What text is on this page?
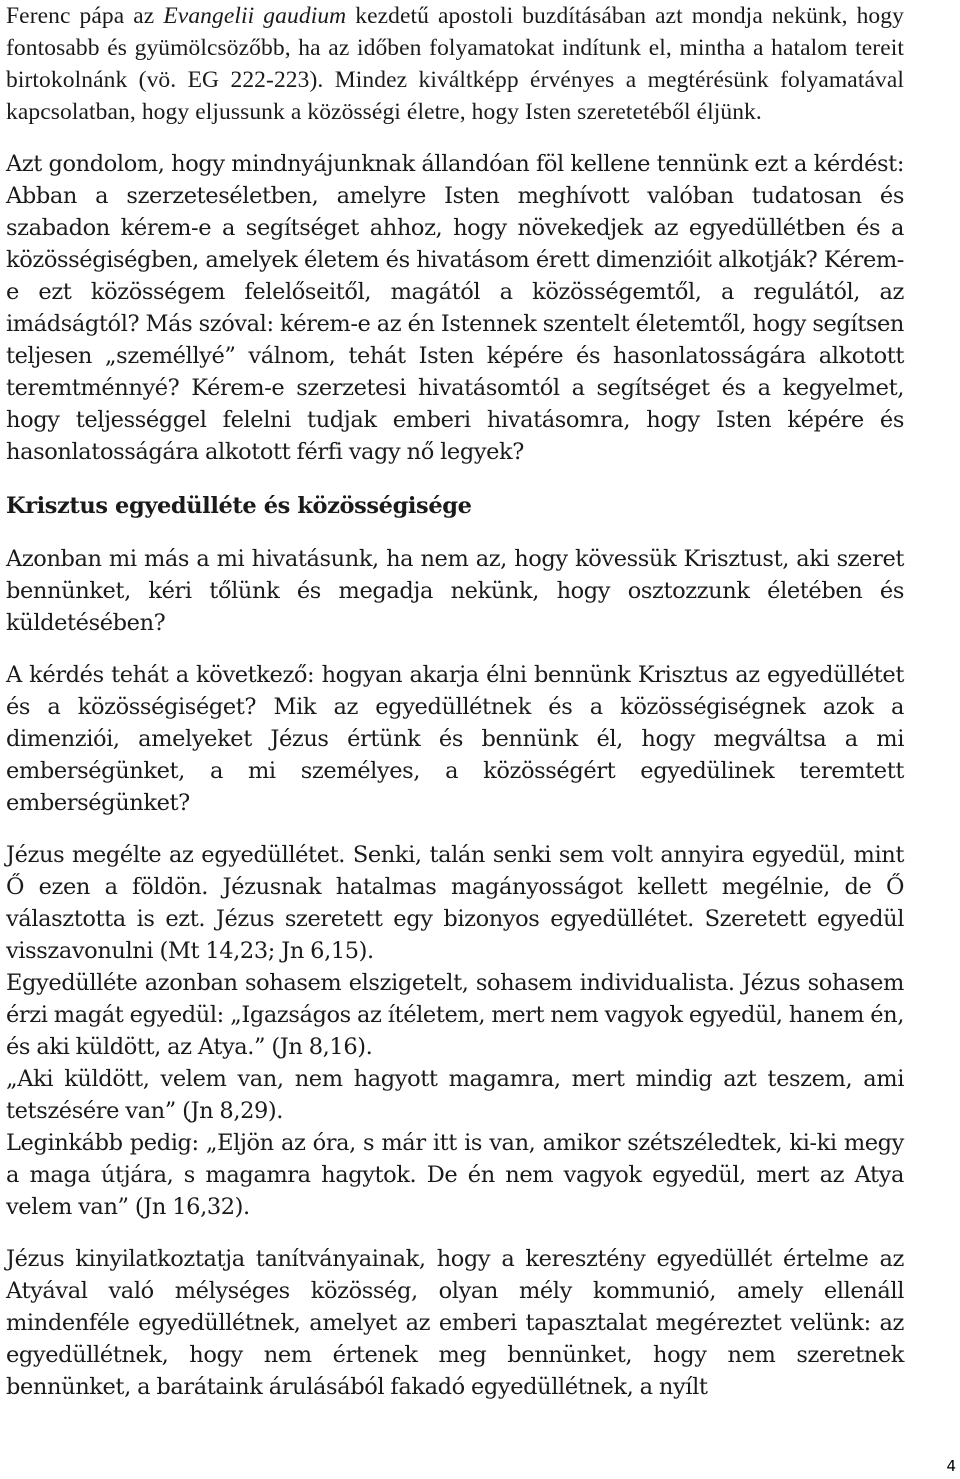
Ferenc pápa az Evangelii gaudium kezdetű apostoli buzdításában azt mondja nekünk, hogy fontosabb és gyümölcsözőbb, ha az időben folyamatokat indítunk el, mintha a hatalom tereit birtokolnánk (vö. EG 222-223). Mindez kiváltképp érvényes a megtérésünk folyamatával kapcsolatban, hogy eljussunk a közösségi életre, hogy Isten szeretetéből éljünk.

Azt gondolom, hogy mindnyájunknak állandóan föl kellene tennünk ezt a kérdést: Abban a szerzeteséletben, amelyre Isten meghívott valóban tudatosan és szabadon kérem-e a segítséget ahhoz, hogy növekedjek az egyedüllétben és a közösségiségben, amelyek életem és hivatásom érett dimenzióit alkotják? Kérem-e ezt közösségem felelőseitől, magától a közösségemtől, a regulától, az imádságtól? Más szóval: kérem-e az én Istennek szentelt életemtől, hogy segítsen teljesen „személlyé” válnom, tehát Isten képére és hasonlatosságára alkotott teremtménnyé? Kérem-e szerzetesi hivatásomtól a segítséget és a kegyelmet, hogy teljességgel felelni tudjak emberi hivatásomra, hogy Isten képére és hasonlatosságára alkotott férfi vagy nő legyek?

Krisztus egyedülléte és közösségisége

Azonban mi más a mi hivatásunk, ha nem az, hogy kövessük Krisztust, aki szeret bennünket, kéri tőlünk és megadja nekünk, hogy osztozzunk életében és küldetésében?

A kérdés tehát a következő: hogyan akarja élni bennünk Krisztus az egyedüllétet és a közösségiséget? Mik az egyedüllétnek és a közösségiségnek azok a dimenziói, amelyeket Jézus értünk és bennünk él, hogy megváltsa a mi emberségünket, a mi személyes, a közösségért egyedülinek teremtett emberségünket?

Jézus megélte az egyedüllétet. Senki, talán senki sem volt annyira egyedül, mint Ő ezen a földön. Jézusnak hatalmas magányosságot kellett megélnie, de Ő választotta is ezt. Jézus szeretett egy bizonyos egyedüllétet. Szeretett egyedül visszavonulni (Mt 14,23; Jn 6,15).

Egyedülléte azonban sohasem elszigetelt, sohasem individualista. Jézus sohasem érzi magát egyedül: „Igazságos az ítéletem, mert nem vagyok egyedül, hanem én, és aki küldött, az Atya.” (Jn 8,16).

„Aki küldött, velem van, nem hagyott magamra, mert mindig azt teszem, ami tetszésére van” (Jn 8,29).

Leginkább pedig: „Eljön az óra, s már itt is van, amikor szétszéledtek, ki-ki megy a maga útjára, s magamra hagytok. De én nem vagyok egyedül, mert az Atya velem van” (Jn 16,32).

Jézus kinyilatkoztatja tanítványainak, hogy a keresztény egyedüllét értelme az Atyával való mélységes közösség, olyan mély kommunió, amely ellenáll mindenféle egyedüllétnek, amelyet az emberi tapasztalat megéreztet velünk: az egyedüllétnek, hogy nem értenek meg bennünket, hogy nem szeretnek bennünket, a barátaink árulásából fakadó egyedüllétnek, a nyílt

4
